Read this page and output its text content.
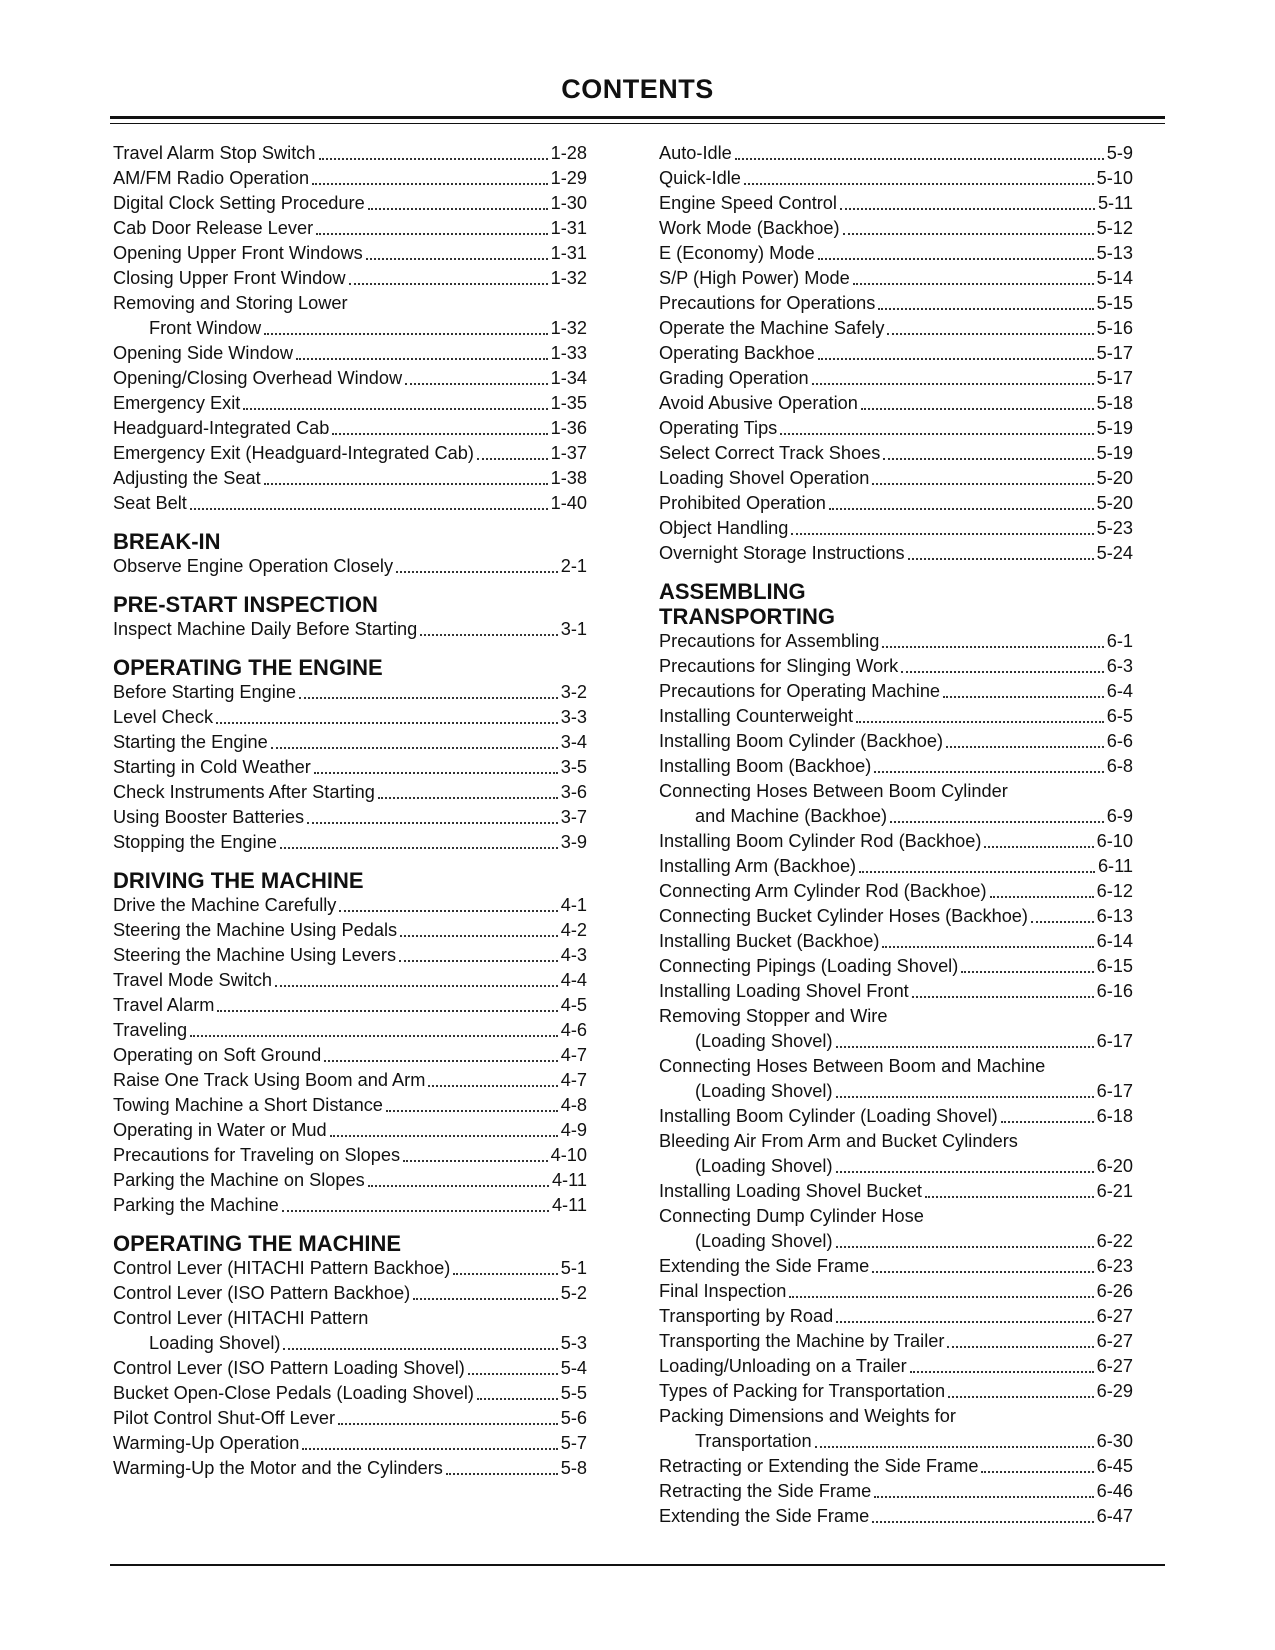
CONTENTS
Travel Alarm Stop Switch	1-28
AM/FM Radio Operation	1-29
Digital Clock Setting Procedure	1-30
Cab Door Release Lever	1-31
Opening Upper Front Windows	1-31
Closing Upper Front Window	1-32
Removing and Storing Lower
Front Window	1-32
Opening Side Window	1-33
Opening/Closing Overhead Window	1-34
Emergency Exit	1-35
Headguard-Integrated Cab	1-36
Emergency Exit (Headguard-Integrated Cab)	1-37
Adjusting the Seat	1-38
Seat Belt	1-40
BREAK-IN
Observe Engine Operation Closely	2-1
PRE-START INSPECTION
Inspect Machine Daily Before Starting	3-1
OPERATING THE ENGINE
Before Starting Engine	3-2
Level Check	3-3
Starting the Engine	3-4
Starting in Cold Weather	3-5
Check Instruments After Starting	3-6
Using Booster Batteries	3-7
Stopping the Engine	3-9
DRIVING THE MACHINE
Drive the Machine Carefully	4-1
Steering the Machine Using Pedals	4-2
Steering the Machine Using Levers	4-3
Travel Mode Switch	4-4
Travel Alarm	4-5
Traveling	4-6
Operating on Soft Ground	4-7
Raise One Track Using Boom and Arm	4-7
Towing Machine a Short Distance	4-8
Operating in Water or Mud	4-9
Precautions for Traveling on Slopes	4-10
Parking the Machine on Slopes	4-11
Parking the Machine	4-11
OPERATING THE MACHINE
Control Lever (HITACHI Pattern Backhoe)	5-1
Control Lever (ISO Pattern Backhoe)	5-2
Control Lever (HITACHI Pattern
Loading Shovel)	5-3
Control Lever (ISO Pattern Loading Shovel)	5-4
Bucket Open-Close Pedals (Loading Shovel)	5-5
Pilot Control Shut-Off Lever	5-6
Warming-Up Operation	5-7
Warming-Up the Motor and the Cylinders	5-8
Auto-Idle	5-9
Quick-Idle	5-10
Engine Speed Control	5-11
Work Mode (Backhoe)	5-12
E (Economy) Mode	5-13
S/P (High Power) Mode	5-14
Precautions for Operations	5-15
Operate the Machine Safely	5-16
Operating Backhoe	5-17
Grading Operation	5-17
Avoid Abusive Operation	5-18
Operating Tips	5-19
Select Correct Track Shoes	5-19
Loading Shovel Operation	5-20
Prohibited Operation	5-20
Object Handling	5-23
Overnight Storage Instructions	5-24
ASSEMBLING
TRANSPORTING
Precautions for Assembling	6-1
Precautions for Slinging Work	6-3
Precautions for Operating Machine	6-4
Installing Counterweight	6-5
Installing Boom Cylinder (Backhoe)	6-6
Installing Boom (Backhoe)	6-8
Connecting Hoses Between Boom Cylinder
and Machine (Backhoe)	6-9
Installing Boom Cylinder Rod (Backhoe)	6-10
Installing Arm (Backhoe)	6-11
Connecting Arm Cylinder Rod (Backhoe)	6-12
Connecting Bucket Cylinder Hoses (Backhoe)	6-13
Installing Bucket (Backhoe)	6-14
Connecting Pipings (Loading Shovel)	6-15
Installing Loading Shovel Front	6-16
Removing Stopper and Wire
(Loading Shovel)	6-17
Connecting Hoses Between Boom and Machine
(Loading Shovel)	6-17
Installing Boom Cylinder (Loading Shovel)	6-18
Bleeding Air From Arm and Bucket Cylinders
(Loading Shovel)	6-20
Installing Loading Shovel Bucket	6-21
Connecting Dump Cylinder Hose
(Loading Shovel)	6-22
Extending the Side Frame	6-23
Final Inspection	6-26
Transporting by Road	6-27
Transporting the Machine by Trailer	6-27
Loading/Unloading on a Trailer	6-27
Types of Packing for Transportation	6-29
Packing Dimensions and Weights for
Transportation	6-30
Retracting or Extending the Side Frame	6-45
Retracting the Side Frame	6-46
Extending the Side Frame	6-47
